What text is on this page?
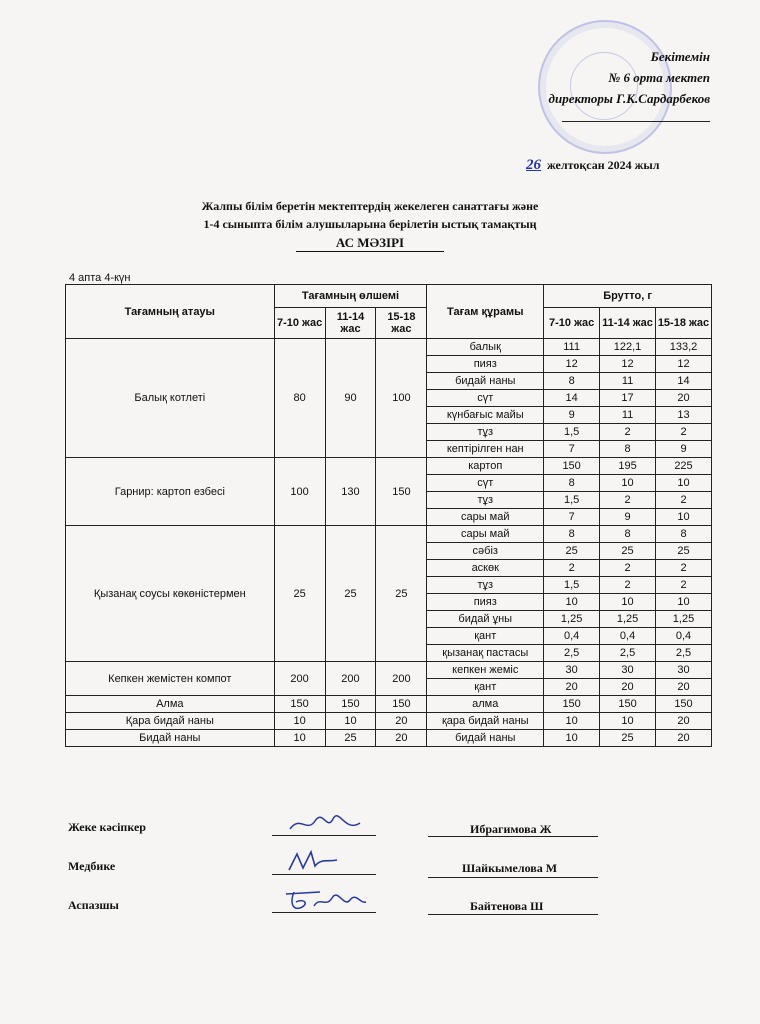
Бекітемін
№ 6 орта мектеп
директоры Г.К.Сардарбеков
26 желтоқсан 2024 жыл
Жалпы білім беретін мектептердің жекелеген санаттағы және
1-4 сыныпта білім алушыларына берілетін ыстық тамақтың
АС МӘЗІРІ
4 апта 4-күн
Тағамның атауы	Тағамның өлшемі			Тағам құрамы	Брутто, г		
	7-10 жас	11-14 жас	15-18 жас		7-10 жас	11-14 жас	15-18 жас
Балық котлеті	80	90	100	балық	111	122,1	133,2
				пияз	12	12	12
				бидай наны	8	11	14
				сүт	14	17	20
				күнбағыс майы	9	11	13
				тұз	1,5	2	2
				кептірілген нан	7	8	9
Гарнир: картоп езбесі	100	130	150	картоп	150	195	225
				сүт	8	10	10
				тұз	1,5	2	2
				сары май	7	9	10
Қызанақ соусы көкөністермен	25	25	25	сары май	8	8	8
				сәбіз	25	25	25
				аскөк	2	2	2
				тұз	1,5	2	2
				пияз	10	10	10
				бидай ұны	1,25	1,25	1,25
				қант	0,4	0,4	0,4
				қызанақ пастасы	2,5	2,5	2,5
Кепкен жемістен компот	200	200	200	кепкен жеміс	30	30	30
				қант	20	20	20
Алма	150	150	150	алма	150	150	150
Қара бидай наны	10	10	20	қара бидай наны	10	10	20
Бидай наны	10	25	20	бидай наны	10	25	20
Жеке кәсіпкер	Ибрагимова Ж
Медбике	Шайкымелова М
Аспазшы	Байтенова Ш
